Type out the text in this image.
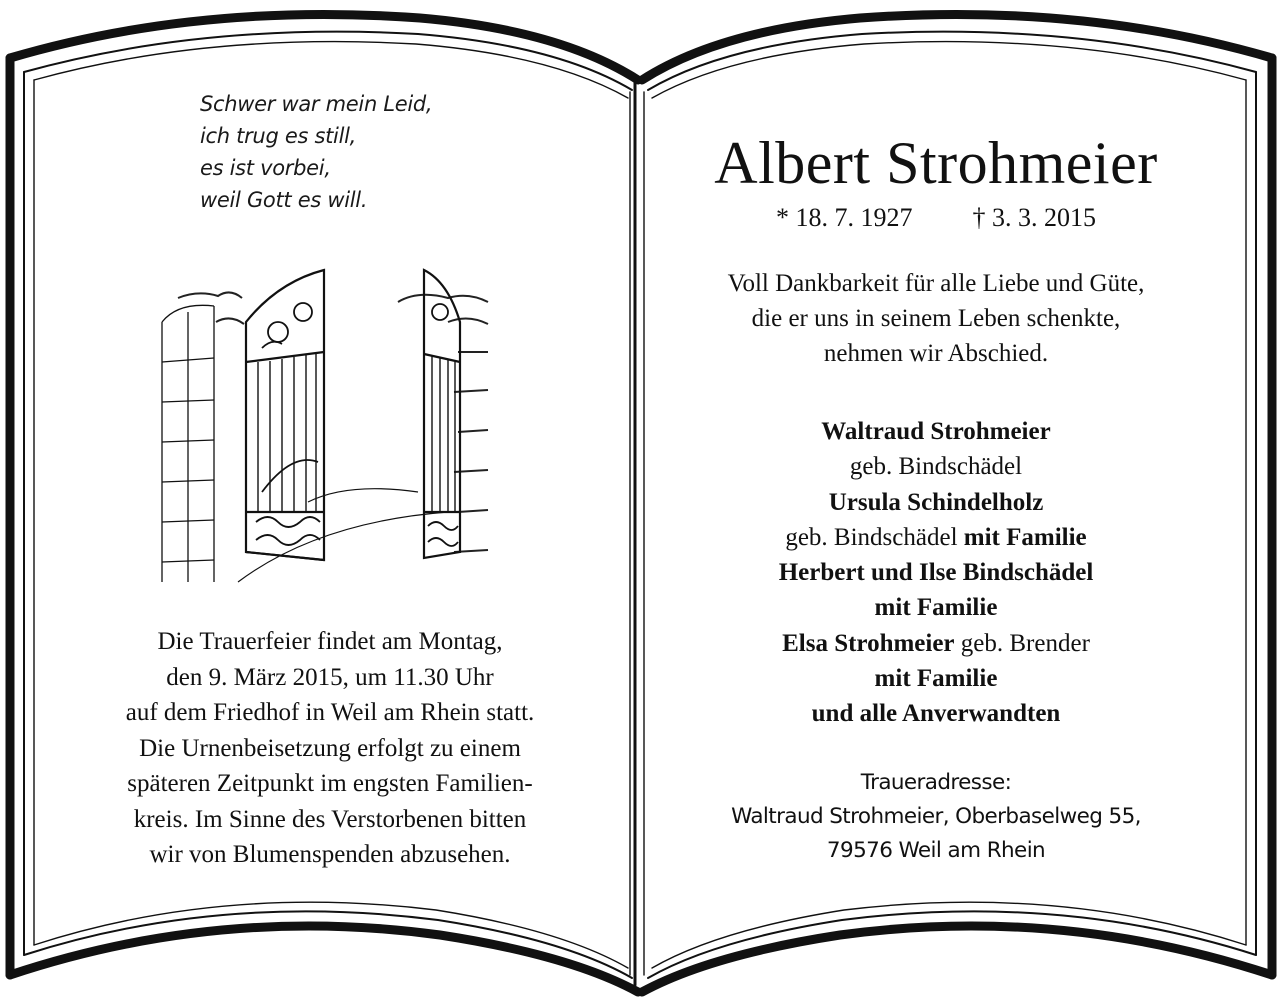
Schwer war mein Leid,
ich trug es still,
es ist vorbei,
weil Gott es will.
Die Trauerfeier findet am Montag,
den 9. März 2015, um 11.30 Uhr
auf dem Friedhof in Weil am Rhein statt.
Die Urnenbeisetzung erfolgt zu einem
späteren Zeitpunkt im engsten Familien-
kreis. Im Sinne des Verstorbenen bitten
wir von Blumenspenden abzusehen.
Albert Strohmeier
* 18. 7. 1927 † 3. 3. 2015
Voll Dankbarkeit für alle Liebe und Güte,
die er uns in seinem Leben schenkte,
nehmen wir Abschied.
Waltraud Strohmeier
geb. Bindschädel
Ursula Schindelholz
geb. Bindschädel mit Familie
Herbert und Ilse Bindschädel
mit Familie
Elsa Strohmeier geb. Brender
mit Familie
und alle Anverwandten
Traueradresse:
Waltraud Strohmeier, Oberbaselweg 55,
79576 Weil am Rhein
